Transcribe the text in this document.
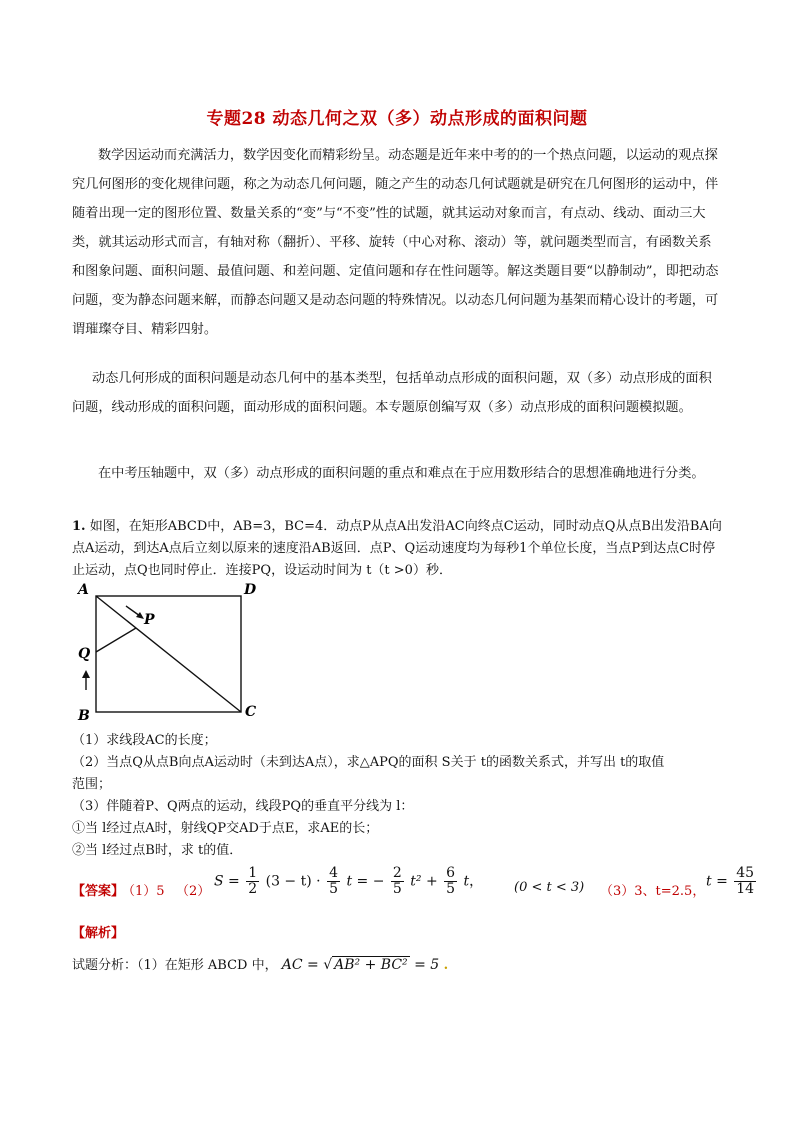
专题28 动态几何之双（多）动点形成的面积问题

数学因运动而充满活力，数学因变化而精彩纷呈。动态题是近年来中考的的一个热点问题，以运动的观点探究几何图形的变化规律问题，称之为动态几何问题，随之产生的动态几何试题就是研究在几何图形的运动中，伴随着出现一定的图形位置、数量关系的“变”与“不变”性的试题，就其运动对象而言，有点动、线动、面动三大类，就其运动形式而言，有轴对称（翻折）、平移、旋转（中心对称、滚动）等，就问题类型而言，有函数关系和图象问题、面积问题、最值问题、和差问题、定值问题和存在性问题等。解这类题目要“以静制动”，即把动态问题，变为静态问题来解，而静态问题又是动态问题的特殊情况。以动态几何问题为基架而精心设计的考题，可谓璀璨夺目、精彩四射。

动态几何形成的面积问题是动态几何中的基本类型，包括单动点形成的面积问题，双（多）动点形成的面积问题，线动形成的面积问题，面动形成的面积问题。本专题原创编写双（多）动点形成的面积问题模拟题。

在中考压轴题中，双（多）动点形成的面积问题的重点和难点在于应用数形结合的思想准确地进行分类。

1. 如图，在矩形ABCD中，AB=3，BC=4．动点P从点A出发沿AC向终点C运动，同时动点Q从点B出发沿BA向点A运动，到达A点后立刻以原来的速度沿AB返回．点P、Q运动速度均为每秒1个单位长度，当点P到达点C时停止运动，点Q也同时停止．连接PQ，设运动时间为 t（t >0）秒．

A	D
P
Q
B	C

（1）求线段AC的长度；

（2）当点Q从点B向点A运动时（未到达A点），求△APQ的面积 S关于 t的函数关系式，并写出 t的取值

范围；

（3）伴随着P、Q两点的运动，线段PQ的垂直平分线为 l：

①当 l经过点A时，射线QP交AD于点E，求AE的长；

②当 l经过点B时，求 t的值．

【答案】
（1）5 （2）
$S = \frac{1}{2} (3 - t) \cdot \frac{4}{5}$ t = − $\frac{2}{5} t^2 + \frac{6}{5}$ t， (0 < t < 3) （3）3、t=2.5，
$t = \frac{45}{14}$
【解析】
试题分析：（1）在矩形 ABCD 中， AC = √ AB² + BC² = 5 .
